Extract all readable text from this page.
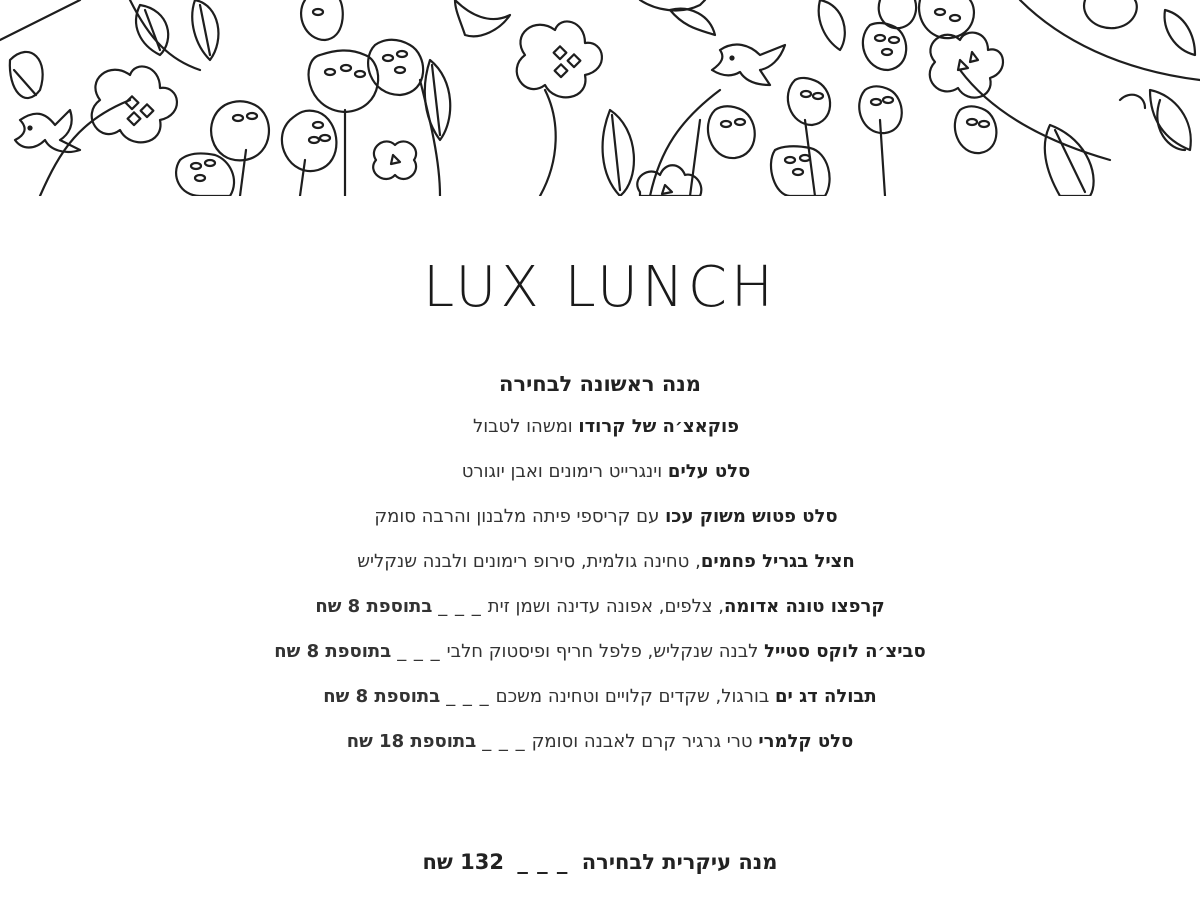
LUX LUNCH
מנה ראשונה לבחירה
פוקאצ׳ה של קרודו ומשהו לטבול
סלט עלים וינגרייט רימונים ואבן יוגורט
סלט פטוש משוק עכו עם קריספי פיתה מלבנון והרבה סומק
חציל בגריל פחמים, טחינה גולמית, סירופ רימונים ולבנה שנקליש
קרפצו טונה אדומה, צלפים, אפונה עדינה ושמן זית_ _ _בתוספת 8 שח
סביצ׳ה לוקס סטייל לבנה שנקליש, פלפל חריף ופיסטוק חלבי_ _ _בתוספת 8 שח
תבולה דג ים בורגול, שקדים קלויים וטחינה משכם_ _ _בתוספת 8 שח
סלט קלמרי טרי גרגיר קרם לאבנה וסומק_ _ _בתוספת 18 שח
מנה עיקרית לבחירה _ _ _ 132 שח
